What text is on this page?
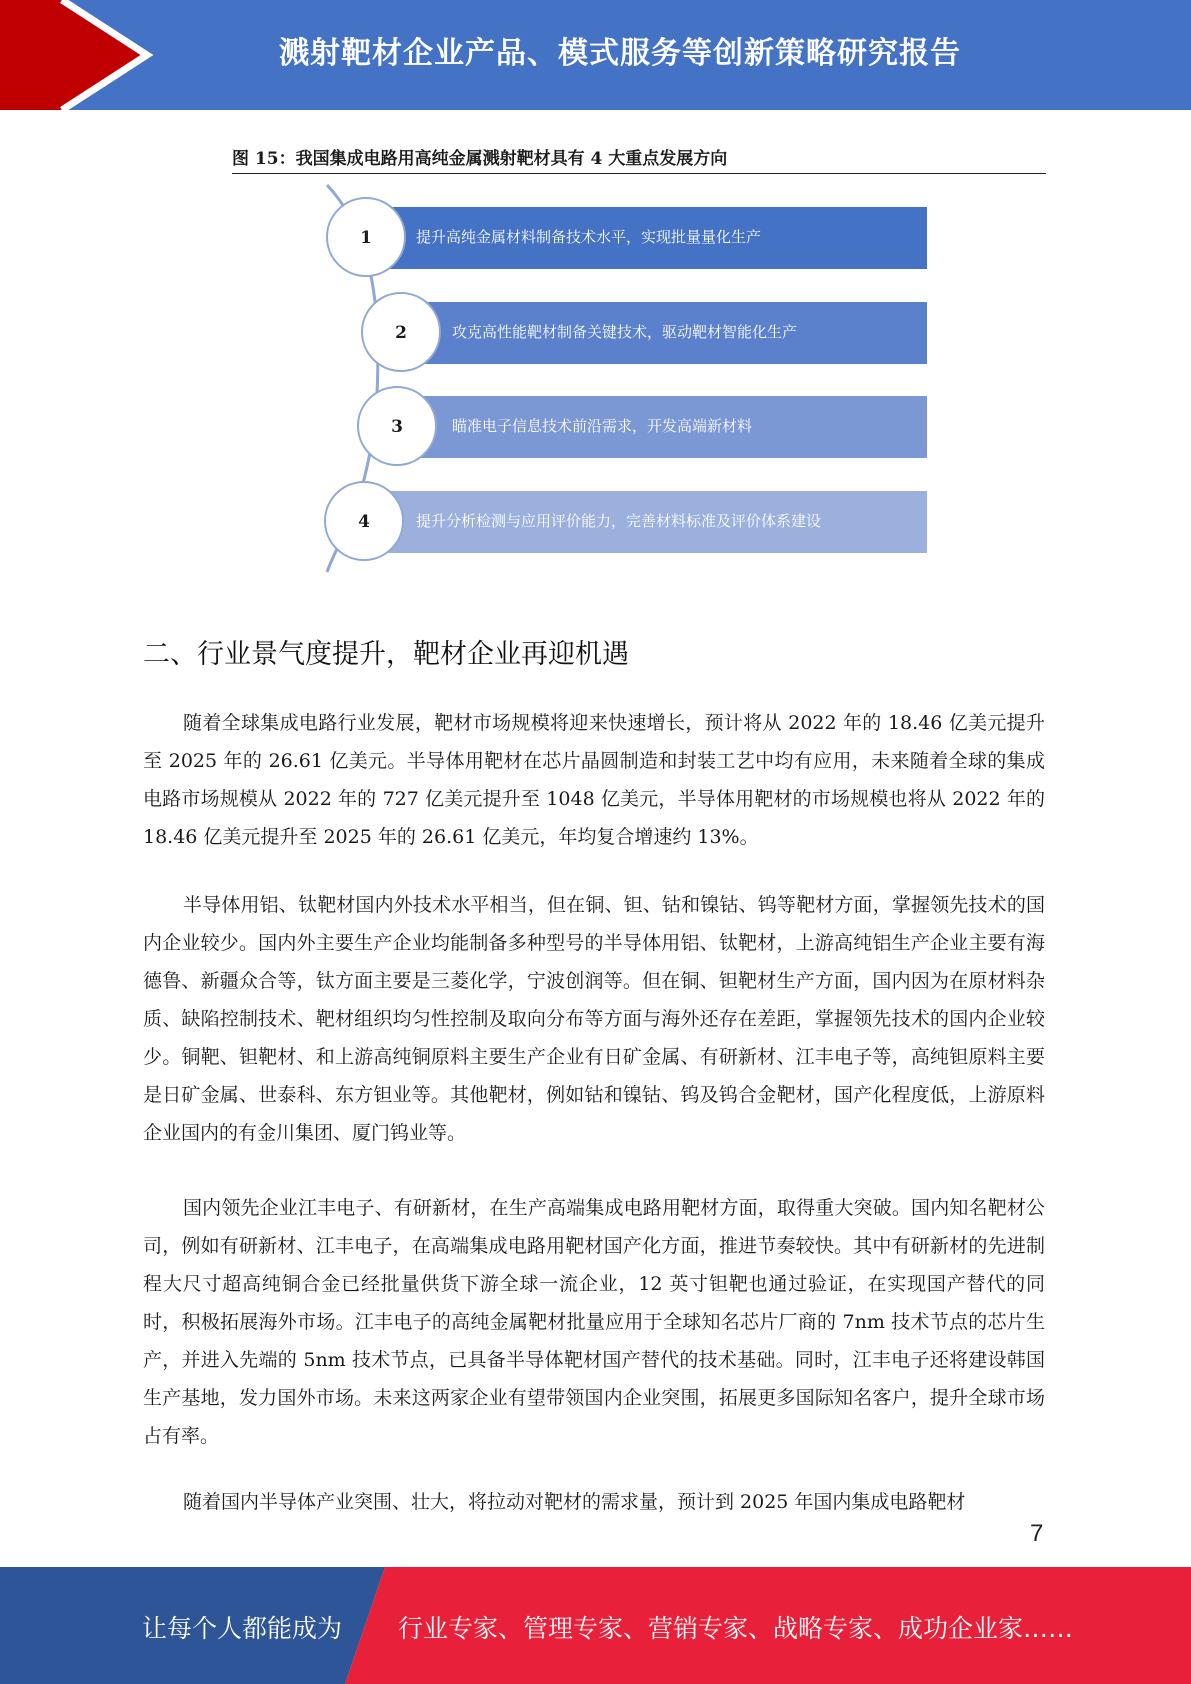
溅射靶材企业产品、模式服务等创新策略研究报告
图 15：我国集成电路用高纯金属溅射靶材具有 4 大重点发展方向
1	提升高纯金属材料制备技术水平，实现批量量化生产
2	攻克高性能靶材制备关键技术，驱动靶材智能化生产
3	瞄准电子信息技术前沿需求，开发高端新材料
4	提升分析检测与应用评价能力，完善材料标准及评价体系建设
二、行业景气度提升，靶材企业再迎机遇

随着全球集成电路行业发展，靶材市场规模将迎来快速增长，预计将从 2022 年的 18.46 亿美元提升至 2025 年的 26.61 亿美元。半导体用靶材在芯片晶圆制造和封装工艺中均有应用，未来随着全球的集成电路市场规模从 2022 年的 727 亿美元提升至 1048 亿美元，半导体用靶材的市场规模也将从 2022 年的 18.46 亿美元提升至 2025 年的 26.61 亿美元，年均复合增速约 13%。

半导体用铝、钛靶材国内外技术水平相当，但在铜、钽、钴和镍钴、钨等靶材方面，掌握领先技术的国内企业较少。国内外主要生产企业均能制备多种型号的半导体用铝、钛靶材，上游高纯铝生产企业主要有海德鲁、新疆众合等，钛方面主要是三菱化学，宁波创润等。但在铜、钽靶材生产方面，国内因为在原材料杂质、缺陷控制技术、靶材组织均匀性控制及取向分布等方面与海外还存在差距，掌握领先技术的国内企业较少。铜靶、钽靶材、和上游高纯铜原料主要生产企业有日矿金属、有研新材、江丰电子等，高纯钽原料主要是日矿金属、世泰科、东方钽业等。其他靶材，例如钴和镍钴、钨及钨合金靶材，国产化程度低，上游原料企业国内的有金川集团、厦门钨业等。

国内领先企业江丰电子、有研新材，在生产高端集成电路用靶材方面，取得重大突破。国内知名靶材公司，例如有研新材、江丰电子，在高端集成电路用靶材国产化方面，推进节奏较快。其中有研新材的先进制程大尺寸超高纯铜合金已经批量供货下游全球一流企业，12 英寸钽靶也通过验证，在实现国产替代的同时，积极拓展海外市场。江丰电子的高纯金属靶材批量应用于全球知名芯片厂商的 7nm 技术节点的芯片生产，并进入先端的 5nm 技术节点，已具备半导体靶材国产替代的技术基础。同时，江丰电子还将建设韩国生产基地，发力国外市场。未来这两家企业有望带领国内企业突围，拓展更多国际知名客户，提升全球市场占有率。

随着国内半导体产业突围、壮大，将拉动对靶材的需求量，预计到 2025 年国内集成电路靶材

7
让每个人都能成为 行业专家、管理专家、营销专家、战略专家、成功企业家……
